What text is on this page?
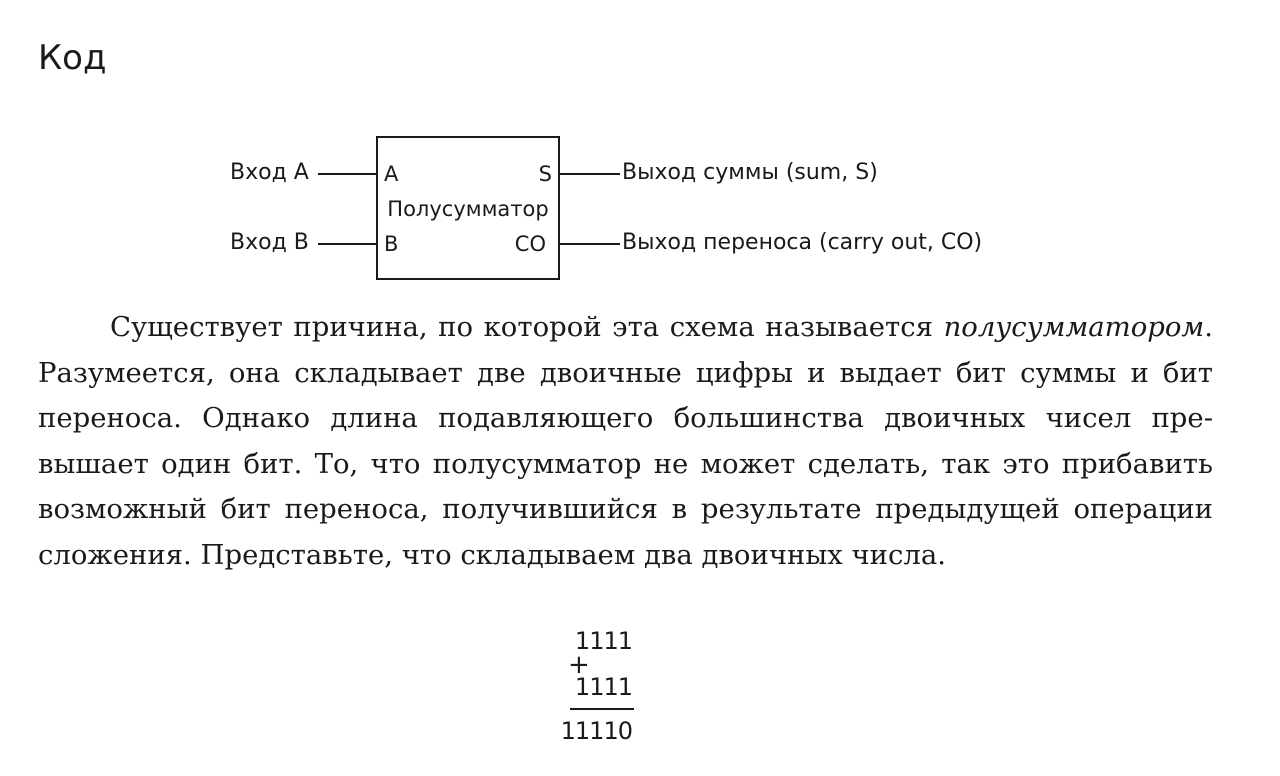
Код
Вход A
Вход B
A	S
Полусумматор
B	CO
Выход суммы (sum, S)
Выход переноса (carry out, CO)

Существует причина, по которой эта схема называется полусумматором. Разумеется, она складывает две двоичные цифры и выдает бит суммы и бит переноса. Однако длина подавляющего большинства двоичных чисел превышает один бит. То, что полусумматор не может сделать, так это прибавить возможный бит переноса, получившийся в результате предыдущей операции сложения. Представьте, что складываем два двоичных числа.

1111
+
1111
11110
